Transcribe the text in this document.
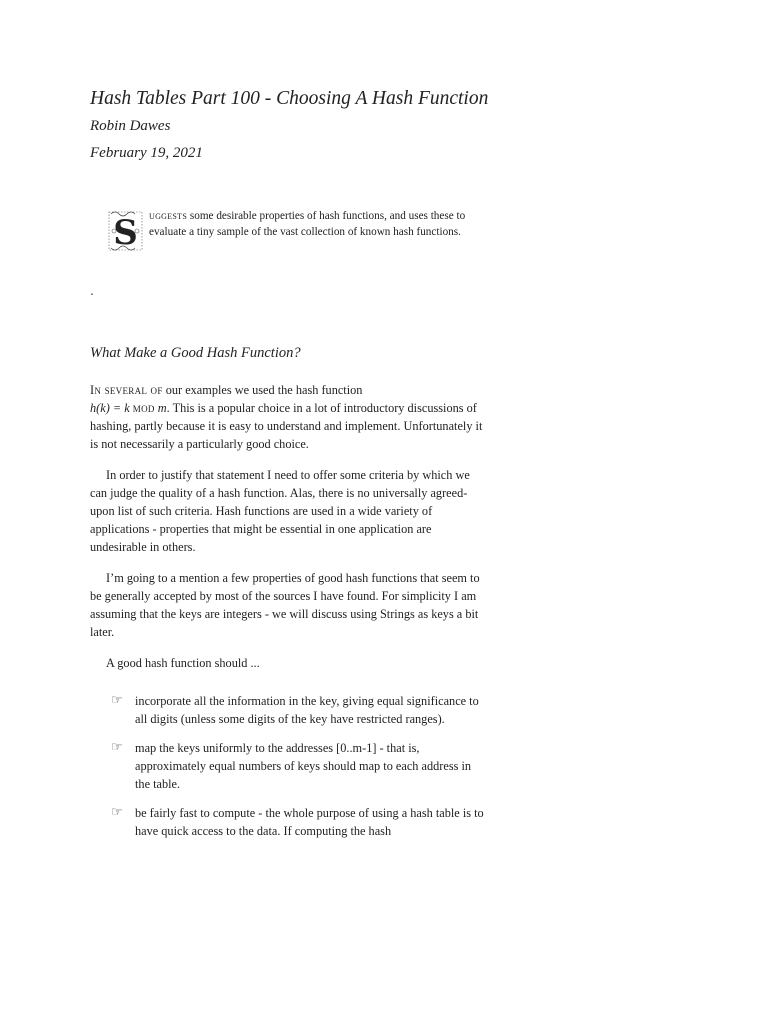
Hash Tables Part 100 - Choosing A Hash Function
Robin Dawes
February 19, 2021
S uggests some desirable properties of hash functions, and uses these to evaluate a tiny sample of the vast collection of known hash functions.
.
What Make a Good Hash Function?

In several of our examples we used the hash function
h(k) = k mod m. This is a popular choice in a lot of introductory discussions of hashing, partly because it is easy to understand and implement. Unfortunately it is not necessarily a particularly good choice.

In order to justify that statement I need to offer some criteria by which we can judge the quality of a hash function. Alas, there is no universally agreed-upon list of such criteria. Hash functions are used in a wide variety of applications - properties that might be essential in one application are undesirable in others.

I’m going to a mention a few properties of good hash functions that seem to be generally accepted by most of the sources I have found. For simplicity I am assuming that the keys are integers - we will discuss using Strings as keys a bit later.

A good hash function should ...

☞ incorporate all the information in the key, giving equal significance to all digits (unless some digits of the key have restricted ranges).
☞ map the keys uniformly to the addresses [0..m-1] - that is, approximately equal numbers of keys should map to each address in the table.
☞ be fairly fast to compute - the whole purpose of using a hash table is to have quick access to the data. If computing the hash
